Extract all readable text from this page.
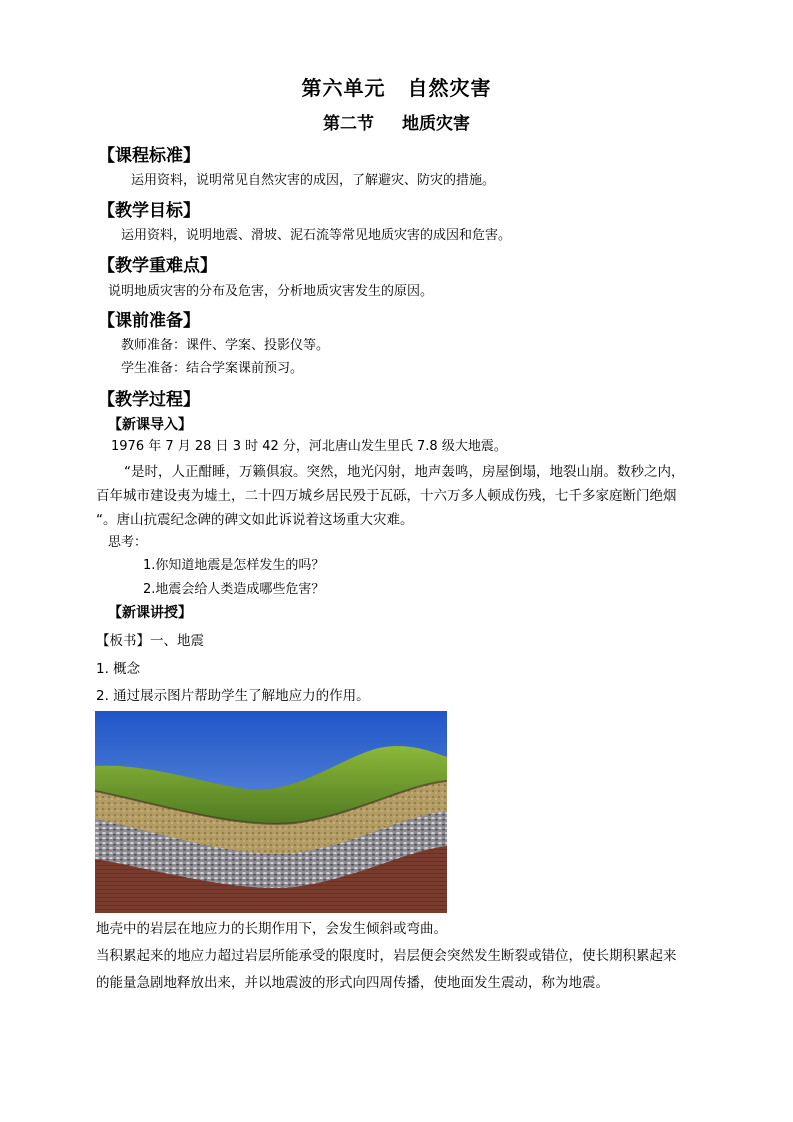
第六单元 自然灾害
第二节 地质灾害
【课程标准】
运用资料，说明常见自然灾害的成因，了解避灾、防灾的措施。
【教学目标】
运用资料，说明地震、滑坡、泥石流等常见地质灾害的成因和危害。
【教学重难点】
说明地质灾害的分布及危害，分析地质灾害发生的原因。
【课前准备】
教师准备：课件、学案、投影仪等。
学生准备：结合学案课前预习。
【教学过程】
【新课导入】
1976 年 7 月 28 日 3 时 42 分，河北唐山发生里氏 7.8 级大地震。
“是时，人正酣睡，万籁俱寂。突然，地光闪射，地声轰鸣，房屋倒塌，地裂山崩。数秒之内，
百年城市建设夷为墟土，二十四万城乡居民殁于瓦砾，十六万多人顿成伤残，七千多家庭断门绝烟
“。唐山抗震纪念碑的碑文如此诉说着这场重大灾难。
思考：
1.你知道地震是怎样发生的吗？
2.地震会给人类造成哪些危害？
【新课讲授】
【板书】一、地震
1. 概念
2. 通过展示图片帮助学生了解地应力的作用。
地壳中的岩层在地应力的长期作用下，会发生倾斜或弯曲。
当积累起来的地应力超过岩层所能承受的限度时，岩层便会突然发生断裂或错位，使长期积累起来
的能量急剧地释放出来，并以地震波的形式向四周传播，使地面发生震动，称为地震。
